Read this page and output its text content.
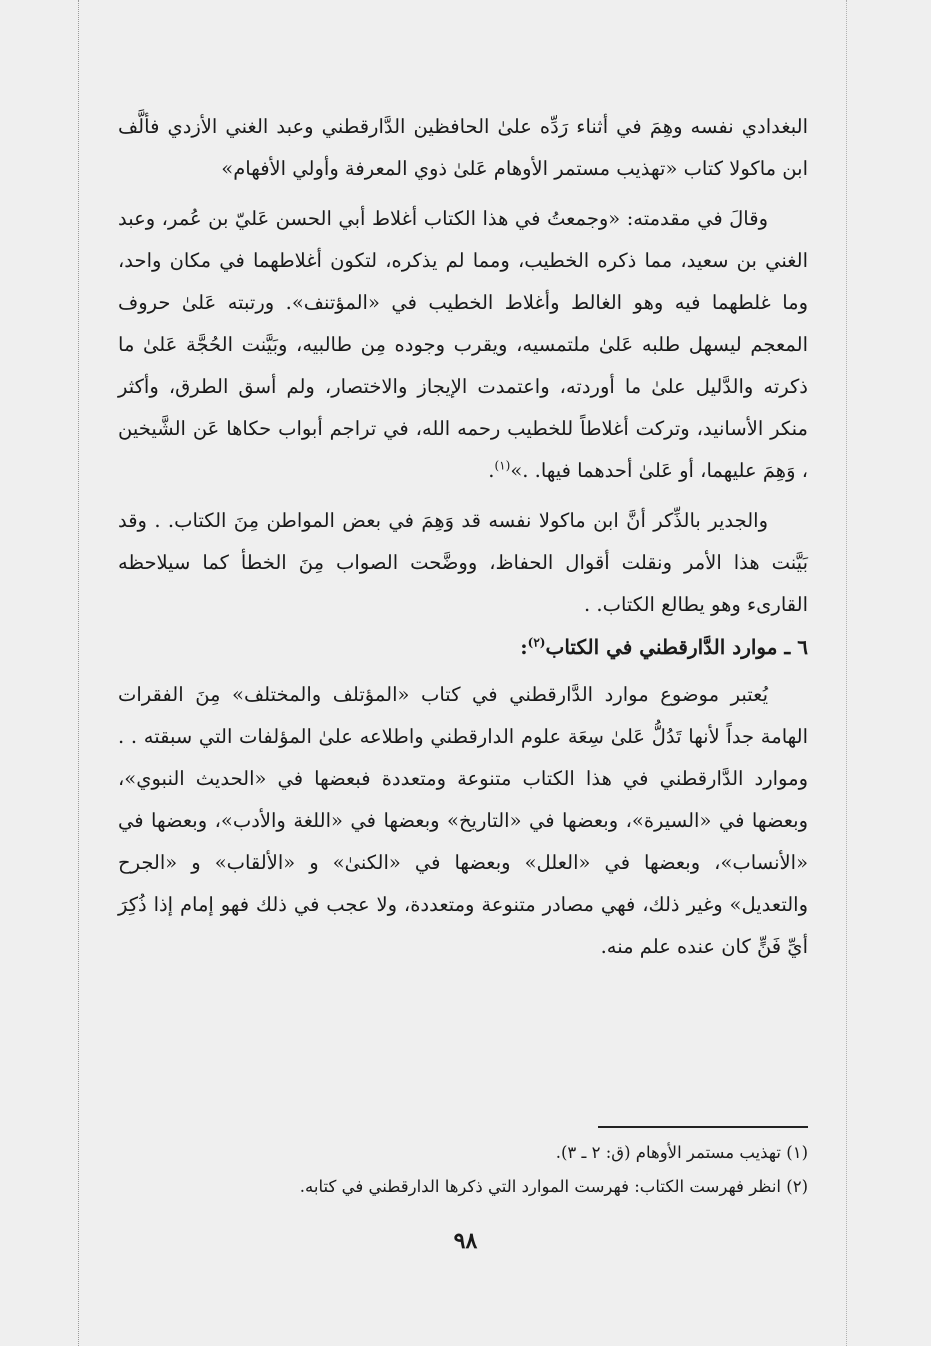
البغدادي نفسه وهِمَ في أثناء رَدِّه علىٰ الحافظين الدَّارقطني وعبد الغني الأزدي فألَّف ابن ماكولا كتاب «تهذيب مستمر الأوهام عَلىٰ ذوي المعرفة وأولي الأفهام»

وقالَ في مقدمته: «وجمعتُ في هذا الكتاب أغلاط أبي الحسن عَليّ بن عُمر، وعبد الغني بن سعيد، مما ذكره الخطيب، ومما لم يذكره، لتكون أغلاطهما في مكان واحد، وما غلطهما فيه وهو الغالط وأغلاط الخطيب في «المؤتنف». ورتبته عَلىٰ حروف المعجم ليسهل طلبه عَلىٰ ملتمسيه، ويقرب وجوده مِن طالبيه، وبَيَّنت الحُجَّة عَلىٰ ما ذكرته والدَّليل علىٰ ما أوردته، واعتمدت الإيجاز والاختصار، ولم أسق الطرق، وأكثر منكر الأسانيد، وتركت أغلاطاً للخطيب رحمه الله، في تراجم أبواب حكاها عَن الشَّيخين ، وَهِمَ عليهما، أو عَلىٰ أحدهما فيها. .»$^{(١)}$.

والجدير بالذِّكر أنَّ ابن ماكولا نفسه قد وَهِمَ في بعض المواطن مِنَ الكتاب. . وقد بَيَّنت هذا الأمر ونقلت أقوال الحفاظ، ووضَّحت الصواب مِنَ الخطأ كما سيلاحظه القارىء وهو يطالع الكتاب. .

٦ ـ موارد الدَّارقطني في الكتاب$^{(٢)}$:

يُعتبر موضوع موارد الدَّارقطني في كتاب «المؤتلف والمختلف» مِنَ الفقرات الهامة جداً لأنها تَدُلُّ عَلىٰ سِعَة علوم الدارقطني واطلاعه علىٰ المؤلفات التي سبقته . . وموارد الدَّارقطني في هذا الكتاب متنوعة ومتعددة فبعضها في «الحديث النبوي»، وبعضها في «السيرة»، وبعضها في «التاريخ» وبعضها في «اللغة والأدب»، وبعضها في «الأنساب»، وبعضها في «العلل» وبعضها في «الكنىٰ» و «الألقاب» و «الجرح والتعديل» وغير ذلك، فهي مصادر متنوعة ومتعددة، ولا عجب في ذلك فهو إمام إذا ذُكِرَ أيِّ فَنٍّ كان عنده علم منه.

(١) تهذيب مستمر الأوهام (ق: ٢ ـ ٣).

(٢) انظر فهرست الكتاب: فهرست الموارد التي ذكرها الدارقطني في كتابه.

٩٨
